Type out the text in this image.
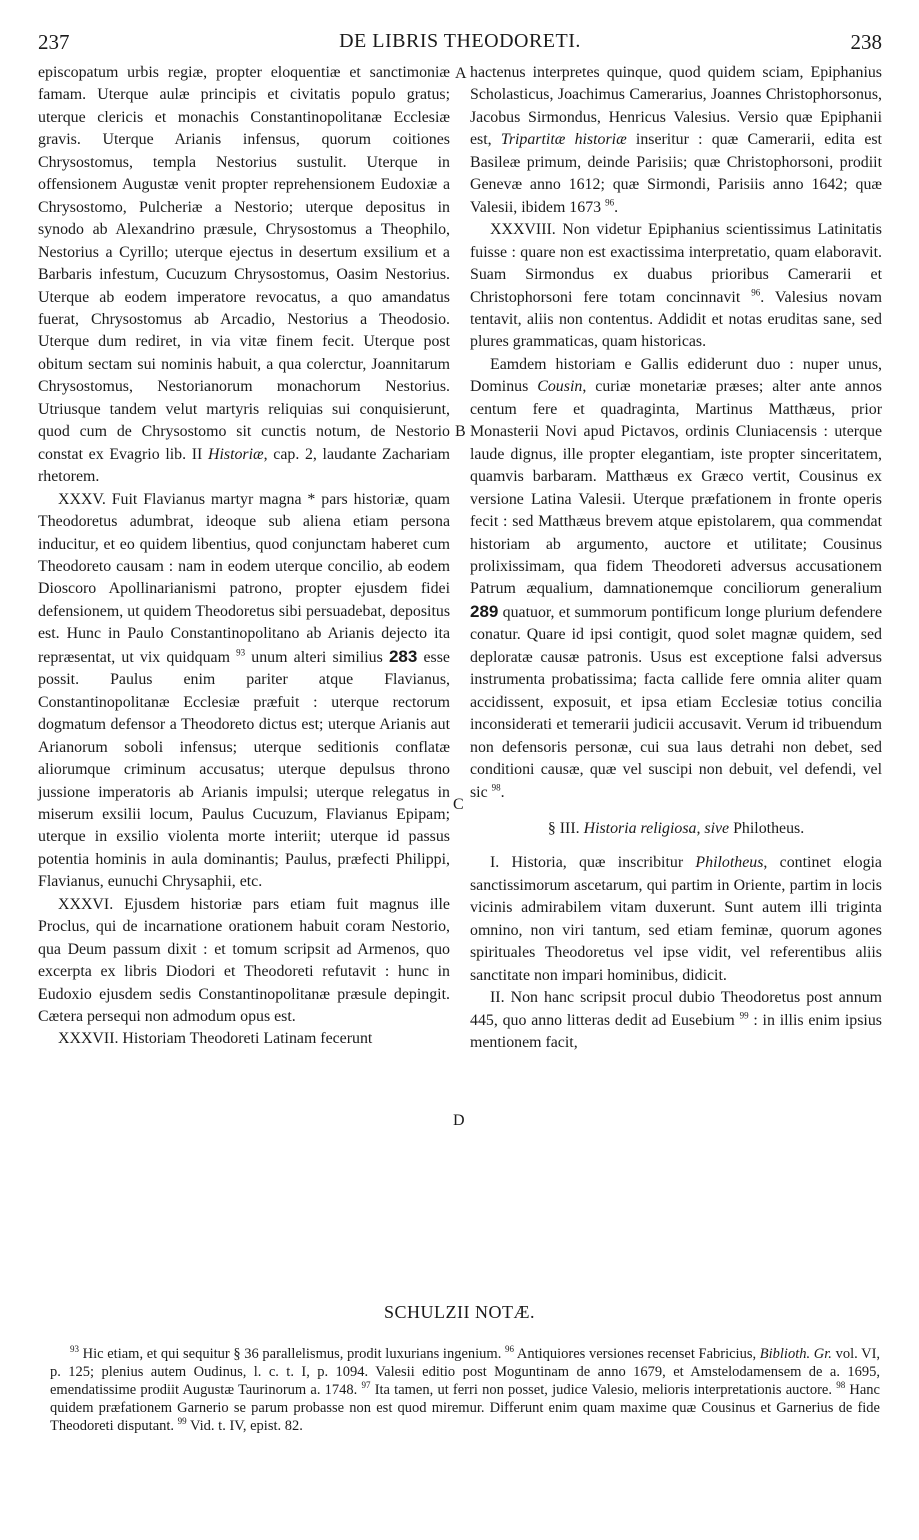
237	DE LIBRIS THEODORETI.	238
A
B
C
D

episcopatum urbis regiæ, propter eloquentiæ et sanctimoniæ famam. Uterque aulæ principis et civitatis populo gratus; uterque clericis et monachis Constantinopolitanæ Ecclesiæ gravis. Uterque Arianis infensus, quorum coitiones Chrysostomus, templa Nestorius sustulit. Uterque in offensionem Augustæ venit propter reprehensionem Eudoxiæ a Chrysostomo, Pulcheriæ a Nestorio; uterque depositus in synodo ab Alexandrino præsule, Chrysostomus a Theophilo, Nestorius a Cyrillo; uterque ejectus in desertum exsilium et a Barbaris infestum, Cucuzum Chrysostomus, Oasim Nestorius. Uterque ab eodem imperatore revocatus, a quo amandatus fuerat, Chrysostomus ab Arcadio, Nestorius a Theodosio. Uterque dum rediret, in via vitæ finem fecit. Uterque post obitum sectam sui nominis habuit, a qua colerctur, Joannitarum Chrysostomus, Nestorianorum monachorum Nestorius. Utriusque tandem velut martyris reliquias sui conquisierunt, quod cum de Chrysostomo sit cunctis notum, de Nestorio constat ex Evagrio lib. II Historiæ, cap. 2, laudante Zachariam rhetorem.

XXXV. Fuit Flavianus martyr magna * pars historiæ, quam Theodoretus adumbrat, ideoque sub aliena etiam persona inducitur, et eo quidem libentius, quod conjunctam haberet cum Theodoreto causam : nam in eodem uterque concilio, ab eodem Dioscoro Apollinarianismi patrono, propter ejusdem fidei defensionem, ut quidem Theodoretus sibi persuadebat, depositus est. Hunc in Paulo Constantinopolitano ab Arianis dejecto ita repræsentat, ut vix quidquam $^{93}$ unum alteri similius 283 esse possit. Paulus enim pariter atque Flavianus, Constantinopolitanæ Ecclesiæ præfuit : uterque rectorum dogmatum defensor a Theodoreto dictus est; uterque Arianis aut Arianorum soboli infensus; uterque seditionis conflatæ aliorumque criminum accusatus; uterque depulsus throno jussione imperatoris ab Arianis impulsi; uterque relegatus in miserum exsilii locum, Paulus Cucuzum, Flavianus Epipam; uterque in exsilio violenta morte interiit; uterque id passus potentia hominis in aula dominantis; Paulus, præfecti Philippi, Flavianus, eunuchi Chrysaphii, etc.

XXXVI. Ejusdem historiæ pars etiam fuit magnus ille Proclus, qui de incarnatione orationem habuit coram Nestorio, qua Deum passum dixit : et tomum scripsit ad Armenos, quo excerpta ex libris Diodori et Theodoreti refutavit : hunc in Eudoxio ejusdem sedis Constantinopolitanæ præsule depingit. Cætera persequi non admodum opus est.

XXXVII. Historiam Theodoreti Latinam fecerunt

hactenus interpretes quinque, quod quidem sciam, Epiphanius Scholasticus, Joachimus Camerarius, Joannes Christophorsonus, Jacobus Sirmondus, Henricus Valesius. Versio quæ Epiphanii est, Tripartitæ historiæ inseritur : quæ Camerarii, edita est Basileæ primum, deinde Parisiis; quæ Christophorsoni, prodiit Genevæ anno 1612; quæ Sirmondi, Parisiis anno 1642; quæ Valesii, ibidem 1673 $^{96}$.

XXXVIII. Non videtur Epiphanius scientissimus Latinitatis fuisse : quare non est exactissima interpretatio, quam elaboravit. Suam Sirmondus ex duabus prioribus Camerarii et Christophorsoni fere totam concinnavit $^{96}$. Valesius novam tentavit, aliis non contentus. Addidit et notas eruditas sane, sed plures grammaticas, quam historicas.

Eamdem historiam e Gallis ediderunt duo : nuper unus, Dominus Cousin, curiæ monetariæ præses; alter ante annos centum fere et quadraginta, Martinus Matthæus, prior Monasterii Novi apud Pictavos, ordinis Cluniacensis : uterque laude dignus, ille propter elegantiam, iste propter sinceritatem, quamvis barbaram. Matthæus ex Græco vertit, Cousinus ex versione Latina Valesii. Uterque præfationem in fronte operis fecit : sed Matthæus brevem atque epistolarem, qua commendat historiam ab argumento, auctore et utilitate; Cousinus prolixissimam, qua fidem Theodoreti adversus accusationem Patrum æqualium, damnationemque conciliorum generalium 289 quatuor, et summorum pontificum longe plurium defendere conatur. Quare id ipsi contigit, quod solet magnæ quidem, sed deploratæ causæ patronis. Usus est exceptione falsi adversus instrumenta probatissima; facta callide fere omnia aliter quam accidissent, exposuit, et ipsa etiam Ecclesiæ totius concilia inconsiderati et temerarii judicii accusavit. Verum id tribuendum non defensoris personæ, cui sua laus detrahi non debet, sed conditioni causæ, quæ vel suscipi non debuit, vel defendi, vel sic $^{98}$.

§ III. Historia religiosa, sive Philotheus.

I. Historia, quæ inscribitur Philotheus, continet elogia sanctissimorum ascetarum, qui partim in Oriente, partim in locis vicinis admirabilem vitam duxerunt. Sunt autem illi triginta omnino, non viri tantum, sed etiam feminæ, quorum agones spirituales Theodoretus vel ipse vidit, vel referentibus aliis sanctitate non impari hominibus, didicit.

II. Non hanc scripsit procul dubio Theodoretus post annum 445, quo anno litteras dedit ad Eusebium $^{99}$ : in illis enim ipsius mentionem facit,

SCHULZII NOTÆ.
$^{93}$ Hic etiam, et qui sequitur § 36 parallelismus, prodit luxurians ingenium. $^{96}$ Antiquiores versiones recenset Fabricius, Biblioth. Gr. vol. VI, p. 125; plenius autem Oudinus, l. c. t. I, p. 1094. Valesii editio post Moguntinam de anno 1679, et Amstelodamensem de a. 1695, emendatissime prodiit Augustæ Taurinorum a. 1748. $^{97}$ Ita tamen, ut ferri non posset, judice Valesio, melioris interpretationis auctore. $^{98}$ Hanc quidem præfationem Garnerio se parum probasse non est quod miremur. Differunt enim quam maxime quæ Cousinus et Garnerius de fide Theodoreti disputant. $^{99}$ Vid. t. IV, epist. 82.
